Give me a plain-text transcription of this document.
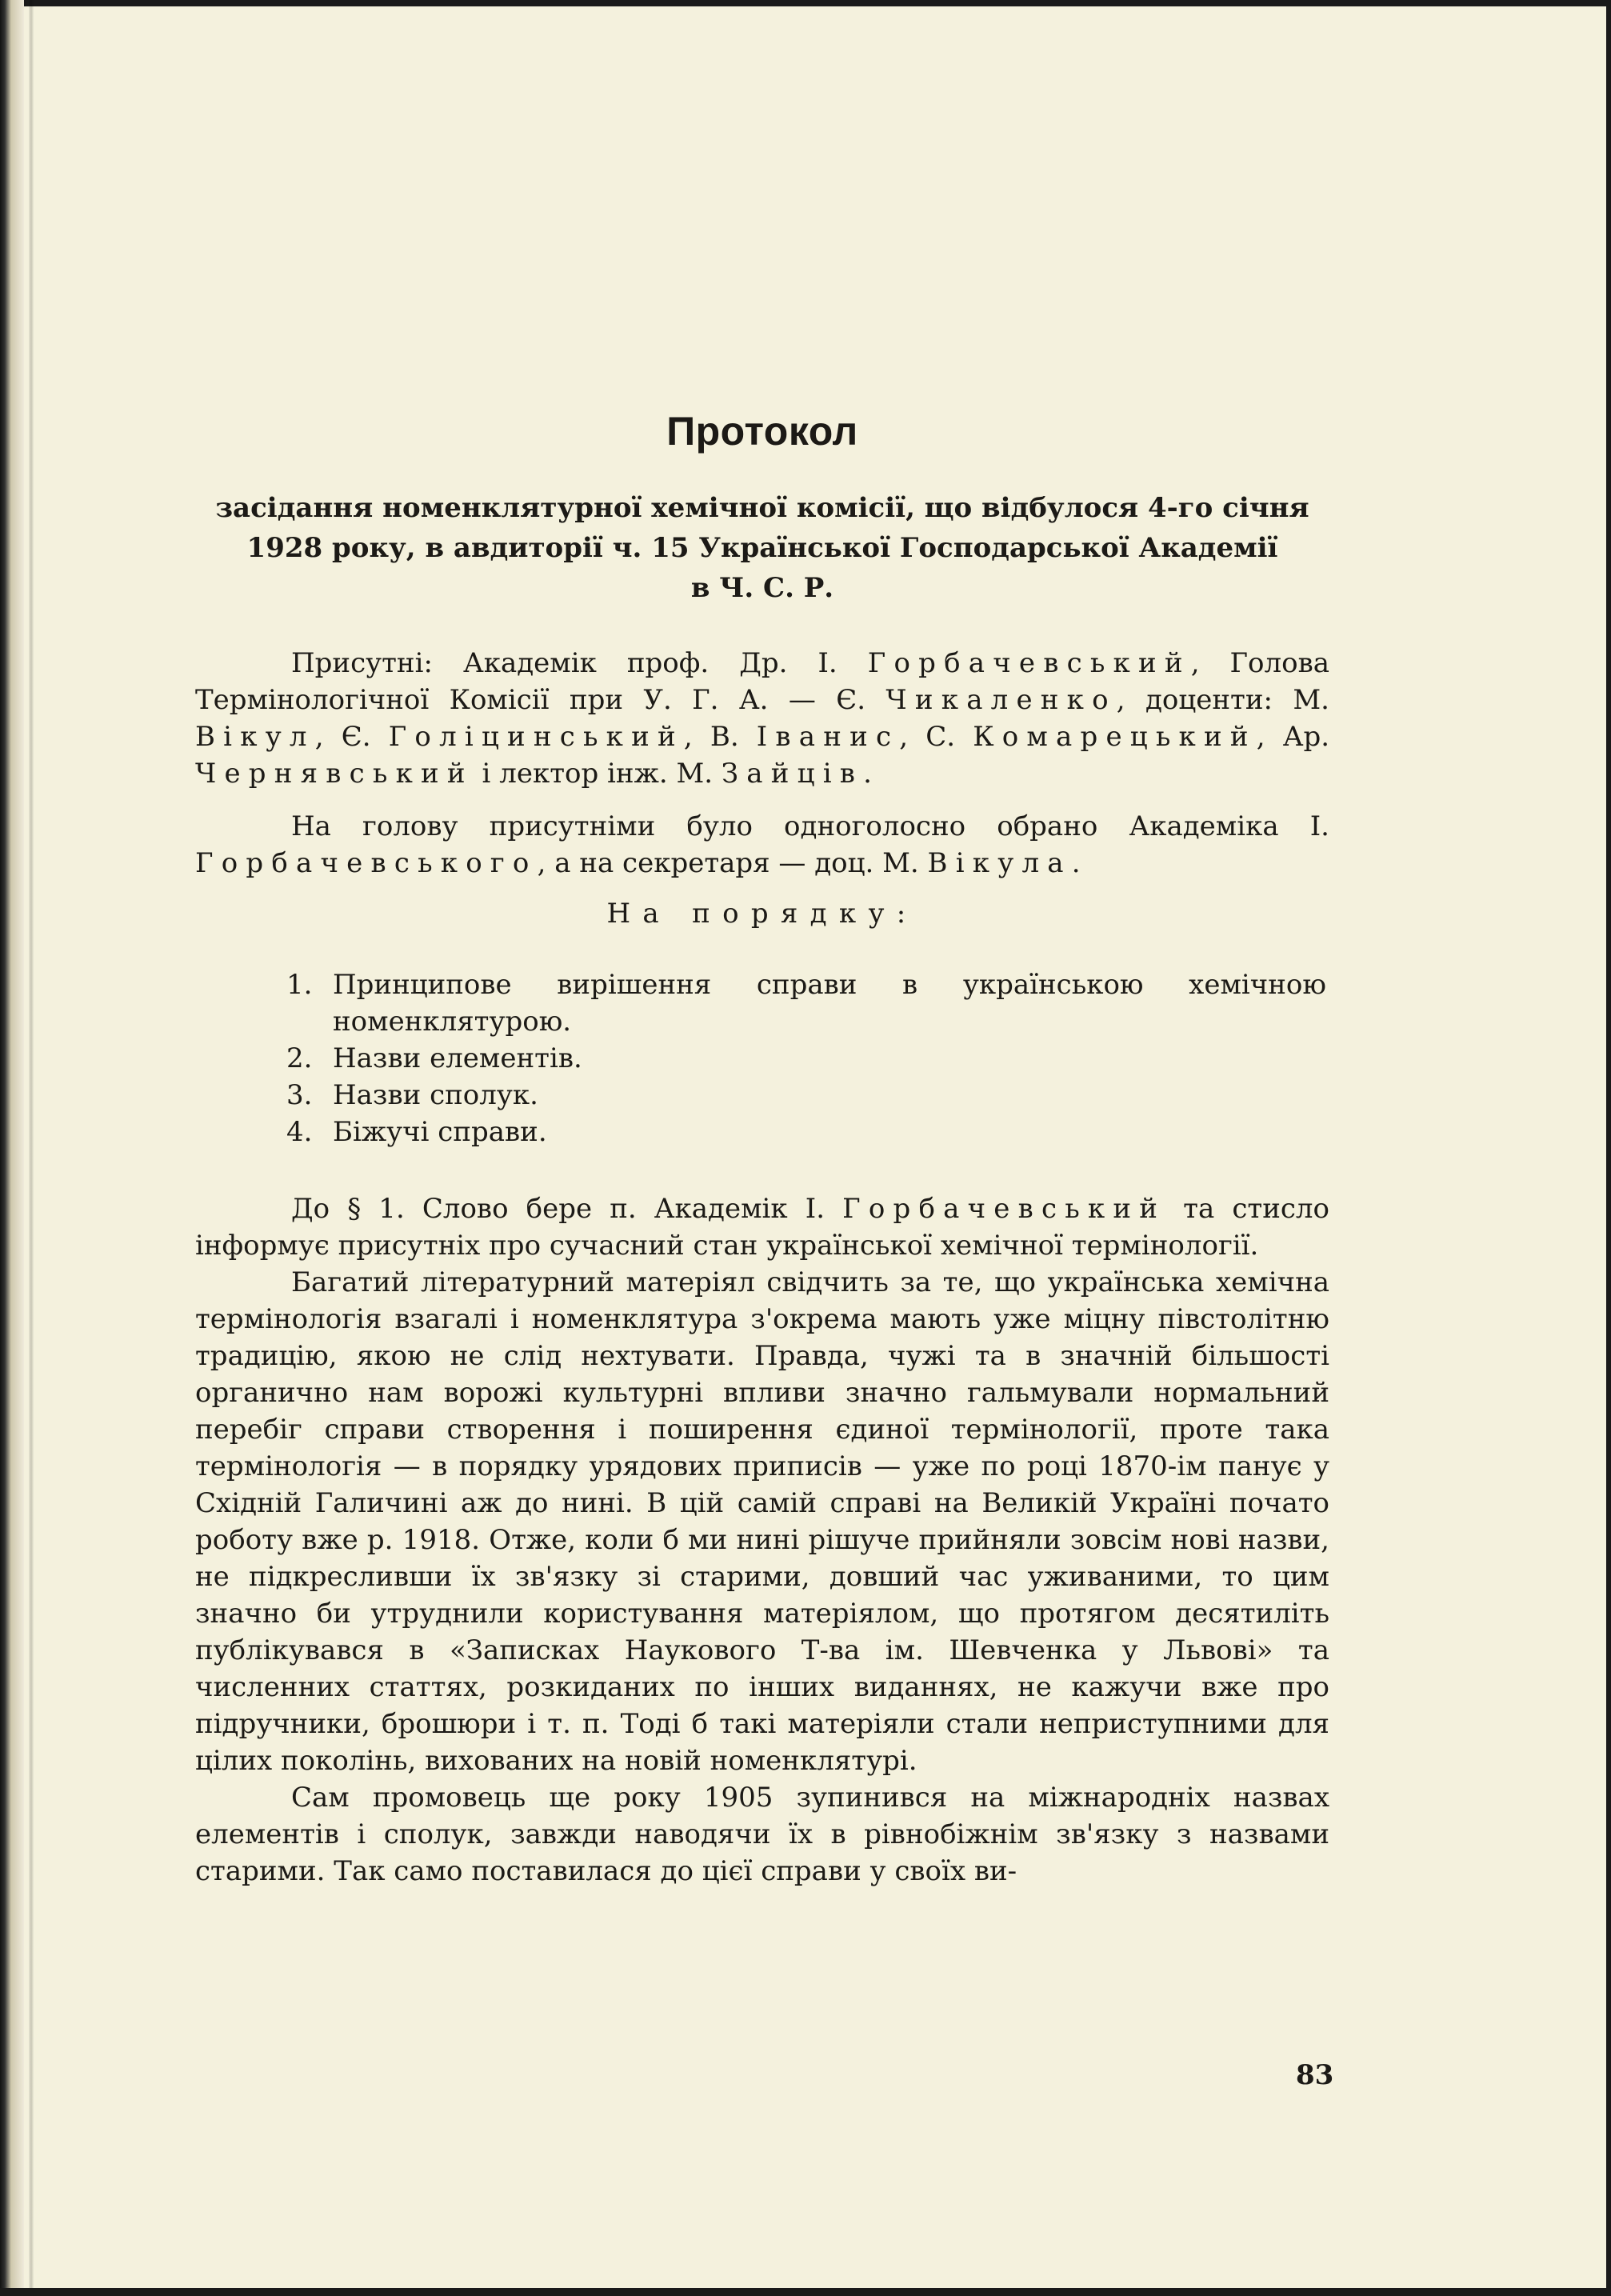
Протокол
засідання номенклятурної хемічної комісії, що відбулося 4-го січня
1928 року, в авдиторії ч. 15 Української Господарської Академії
в Ч. С. Р.

Присутні: Академік проф. Др. І. Горбачевський, Голова Термінологічної Комісії при У. Г. А. — Є. Чикаленко, доценти: М. Вікул, Є. Голіцинський, В. Іванис, С. Комарецький, Ар. Чернявський і лектор інж. М. Зайців.

На голову присутніми було одноголосно обрано Академіка І. Горбачевського, а на секретаря — доц. М. Вікула.

На порядку:
1. Принципове вирішення справи в українською хемічною номенклятурою.
2. Назви елементів.
3. Назви сполук.
4. Біжучі справи.

До § 1. Слово бере п. Академік І. Горбачевський та стисло інформує присутніх про сучасний стан української хемічної термінології.

Багатий літературний матеріял свідчить за те, що українська хемічна термінологія взагалі і номенклятура з'окрема мають уже міцну півстолітню традицію, якою не слід нехтувати. Правда, чужі та в значній більшості органично нам ворожі культурні впливи значно гальмували нормальний перебіг справи створення і поширення єдиної термінології, проте така термінологія — в порядку урядових приписів — уже по році 1870-ім панує у Східній Галичині аж до нині. В цій самій справі на Великій Україні почато роботу вже р. 1918. Отже, коли б ми нині рішуче прийняли зовсім нові назви, не підкресливши їх зв'язку зі старими, довший час уживаними, то цим значно би утруднили користування матеріялом, що протягом десятиліть публікувався в «Записках Наукового Т-ва ім. Шевченка у Львові» та численних статтях, розкиданих по інших виданнях, не кажучи вже про підручники, брошюри і т. п. Тоді б такі матеріяли стали неприступними для цілих поколінь, вихованих на новій номенклятурі.

Сам промовець ще року 1905 зупинився на міжнародніх назвах елементів і сполук, завжди наводячи їх в рівнобіжнім зв'язку з назвами старими. Так само поставилася до цієї справи у своїх ви-

83
